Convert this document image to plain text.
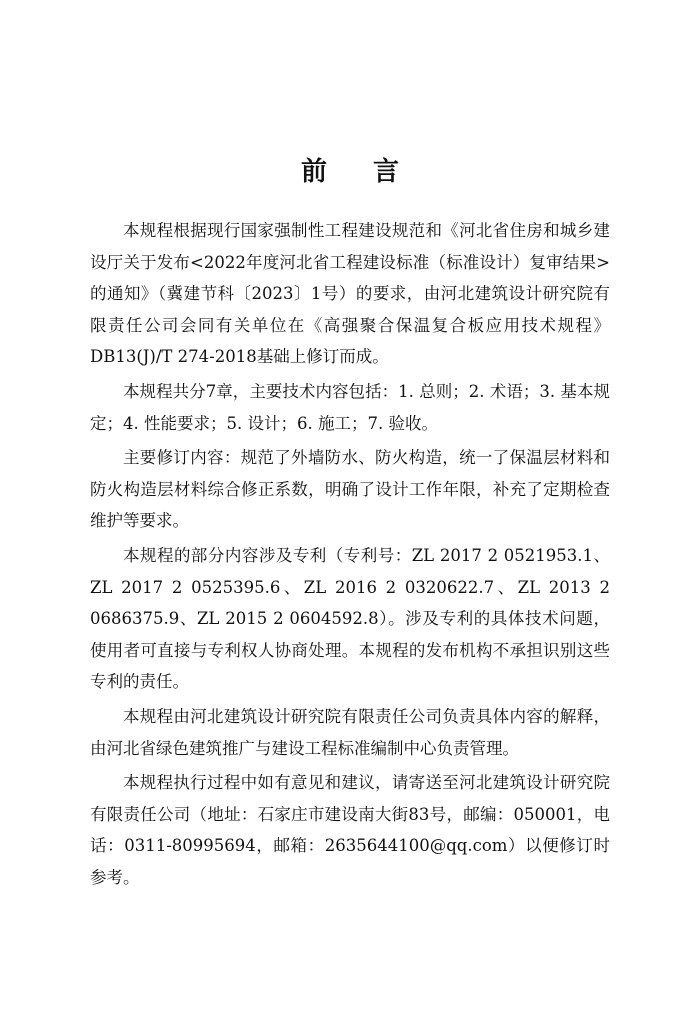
前 言

本规程根据现行国家强制性工程建设规范和《河北省住房和城乡建设厅关于发布<2022年度河北省工程建设标准（标准设计）复审结果>的通知》（冀建节科〔2023〕1号）的要求，由河北建筑设计研究院有限责任公司会同有关单位在《高强聚合保温复合板应用技术规程》DB13(J)/T 274-2018基础上修订而成。

本规程共分7章，主要技术内容包括：1. 总则；2. 术语；3. 基本规定；4. 性能要求；5. 设计；6. 施工；7. 验收。

主要修订内容：规范了外墙防水、防火构造，统一了保温层材料和防火构造层材料综合修正系数，明确了设计工作年限，补充了定期检查维护等要求。

本规程的部分内容涉及专利（专利号：ZL 2017 2 0521953.1、ZL 2017 2 0525395.6、ZL 2016 2 0320622.7、ZL 2013 2 0686375.9、ZL 2015 2 0604592.8）。涉及专利的具体技术问题，使用者可直接与专利权人协商处理。本规程的发布机构不承担识别这些专利的责任。

本规程由河北建筑设计研究院有限责任公司负责具体内容的解释，由河北省绿色建筑推广与建设工程标准编制中心负责管理。

本规程执行过程中如有意见和建议，请寄送至河北建筑设计研究院有限责任公司（地址：石家庄市建设南大街83号，邮编：050001，电话：0311-80995694，邮箱：2635644100@qq.com）以便修订时参考。
